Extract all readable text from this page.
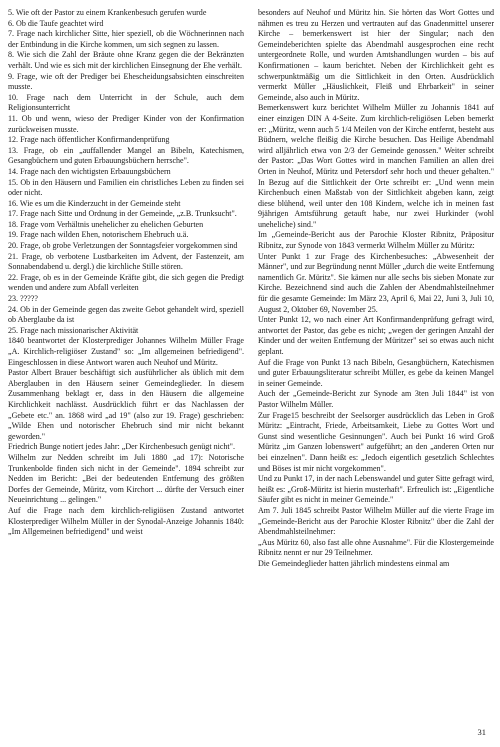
5. Wie oft der Pastor zu einem Krankenbesuch gerufen wurde

6. Ob die Taufe geachtet wird

7. Frage nach kirchlicher Sitte, hier speziell, ob die Wöchnerinnen nach der Entbindung in die Kirche kommen, um sich segnen zu lassen.

8. Wie sich die Zahl der Bräute ohne Kranz gegen die der Bekränzten verhält. Und wie es sich mit der kirchlichen Einsegnung der Ehe verhält.

9. Frage, wie oft der Prediger bei Ehescheidungsabsichten einschreiten musste.

10. Frage nach dem Unterricht in der Schule, auch dem Religionsunterricht

11. Ob und wenn, wieso der Prediger Kinder von der Konfirmation zurückweisen musste.

12. Frage nach öffentlicher Konfirmandenprüfung

13. Frage, ob ein „auffallender Mangel an Bibeln, Katechismen, Gesangbüchern und guten Erbauungsbüchern herrsche".

14. Frage nach den wichtigsten Erbauungsbüchern

15. Ob in den Häusern und Familien ein christliches Leben zu finden sei oder nicht.

16. Wie es um die Kinderzucht in der Gemeinde steht

17. Frage nach Sitte und Ordnung in der Gemeinde, „z.B. Trunksucht".

18. Frage vom Verhältnis unehelicher zu ehelichen Geburten

19. Frage nach wilden Ehen, notorischem Ehebruch u.ä.

20. Frage, ob grobe Verletzungen der Sonntagsfeier vorgekommen sind

21. Frage, ob verbotene Lustbarkeiten im Advent, der Fastenzeit, am Sonnabendabend u. dergl.) die kirchliche Stille stören.

22. Frage, ob es in der Gemeinde Kräfte gibt, die sich gegen die Predigt wenden und andere zum Abfall verleiten

23. ?????

24. Ob in der Gemeinde gegen das zweite Gebot gehandelt wird, speziell ob Aberglaube da ist

25. Frage nach missionarischer Aktivität

1840 beantwortet der Klosterprediger Johannes Wilhelm Müller Frage „A. Kirchlich-religiöser Zustand" so: „Im allgemeinen befriedigend". Eingeschlossen in diese Antwort waren auch Neuhof und Müritz.

Pastor Albert Brauer beschäftigt sich ausführlicher als üblich mit dem Aberglauben in den Häusern seiner Gemeindeglieder. In diesem Zusammenhang beklagt er, dass in den Häusern die allgemeine Kirchlichkeit nachlässt. Ausdrücklich führt er das Nachlassen der „Gebete etc." an. 1868 wird „ad 19" (also zur 19. Frage) geschrieben: „Wilde Ehen und notorischer Ehebruch sind mir nicht bekannt geworden."

Friedrich Bunge notiert jedes Jahr: „Der Kirchenbesuch genügt nicht".

Wilhelm zur Nedden schreibt im Juli 1880 „ad 17): Notorische Trunkenbolde finden sich nicht in der Gemeinde". 1894 schreibt zur Nedden im Bericht: „Bei der bedeutenden Entfernung des größten Dorfes der Gemeinde, Müritz, vom Kirchort ... dürfte der Versuch einer Neueinrichtung ... gelingen."

Auf die Frage nach dem kirchlich-religiösen Zustand antwortet Klosterprediger Wilhelm Müller in der Synodal-Anzeige Johannis 1840: „Im Allgemeinen befriedigend" und weist

besonders auf Neuhof und Müritz hin. Sie hörten das Wort Gottes und nähmen es treu zu Herzen und vertrauten auf das Gnadenmittel unserer Kirche – bemerkenswert ist hier der Singular; nach den Gemeindeberichten spielte das Abendmahl ausgesprochen eine recht untergeordnete Rolle, und wurden Amtshandlungen wurden – bis auf Konfirmationen – kaum berichtet. Neben der Kirchlichkeit geht es schwerpunktmäßig um die Sittlichkeit in den Orten. Ausdrücklich vermerkt Müller „Häuslichkeit, Fleiß und Ehrbarkeit" in seiner Gemeinde, also auch in Müritz.

Bemerkenswert kurz berichtet Wilhelm Müller zu Johannis 1841 auf einer einzigen DIN A 4-Seite. Zum kirchlich-religiösen Leben bemerkt er: „Müritz, wenn auch 5 1/4 Meilen von der Kirche entfernt, besteht aus Büdnern, welche fleißig die Kirche besuchen. Das Heilige Abendmahl wird alljährlich etwa von 2/3 der Gemeinde genossen." Weiter schreibt der Pastor: „Das Wort Gottes wird in manchen Familien an allen drei Orten in Neuhof, Müritz und Petersdorf sehr hoch und theuer gehalten." In Bezug auf die Sittlichkeit der Orte schreibt er: „Und wenn mein Kirchenbuch einen Maßstab von der Sittlichkeit abgeben kann, zeigt diese blühend, weil unter den 108 Kindern, welche ich in meinen fast 9jährigen Amtsführung getauft habe, nur zwei Hurkinder (wohl uneheliche) sind."

Im „Gemeinde-Bericht aus der Parochie Kloster Ribnitz, Präpositur Ribnitz, zur Synode von 1843 vermerkt Wilhelm Müller zu Müritz:

Unter Punkt 1 zur Frage des Kirchenbesuches: „Abwesenheit der Männer", und zur Begründung nennt Müller „durch die weite Entfernung namentlich Gr. Müritz". Sie kämen nur alle sechs bis sieben Monate zur Kirche. Bezeichnend sind auch die Zahlen der Abendmahlsteilnehmer für die gesamte Gemeinde: Im März 23, April 6, Mai 22, Juni 3, Juli 10, August 2, Oktober 69, November 25.

Unter Punkt 12, wo nach einer Art Konfirmandenprüfung gefragt wird, antwortet der Pastor, das gebe es nicht; „wegen der geringen Anzahl der Kinder und der weiten Entfernung der Müritzer" sei so etwas auch nicht geplant.

Auf die Frage von Punkt 13 nach Bibeln, Gesangbüchern, Katechismen und guter Erbauungsliteratur schreibt Müller, es gebe da keinen Mangel in seiner Gemeinde.

Auch der „Gemeinde-Bericht zur Synode am 3ten Juli 1844" ist von Pastor Wilhelm Müller.

Zur Frage15 beschreibt der Seelsorger ausdrücklich das Leben in Groß Müritz: „Eintracht, Friede, Arbeitsamkeit, Liebe zu Gottes Wort und Gunst sind wesentliche Gesinnungen". Auch bei Punkt 16 wird Groß Müritz „im Ganzen lobenswert" aufgeführt; an den „anderen Orten nur bei einzelnen". Dann heißt es: „Jedoch eigentlich gesetzlich Schlechtes und Böses ist mir nicht vorgekommen".

Und zu Punkt 17, in der nach Lebenswandel und guter Sitte gefragt wird, heißt es: „Groß-Müritz ist hierin musterhaft". Erfreulich ist: „Eigentliche Säufer gibt es nicht in meiner Gemeinde."

Am 7. Juli 1845 schreibt Pastor Wilhelm Müller auf die vierte Frage im „Gemeinde-Bericht aus der Parochie Kloster Ribnitz" über die Zahl der Abendmahlsteilnehmer:

„Aus Müritz 60, also fast alle ohne Ausnahme". Für die Klostergemeinde Ribnitz nennt er nur 29 Teilnehmer.

Die Gemeindeglieder hatten jährlich mindestens einmal am

31
